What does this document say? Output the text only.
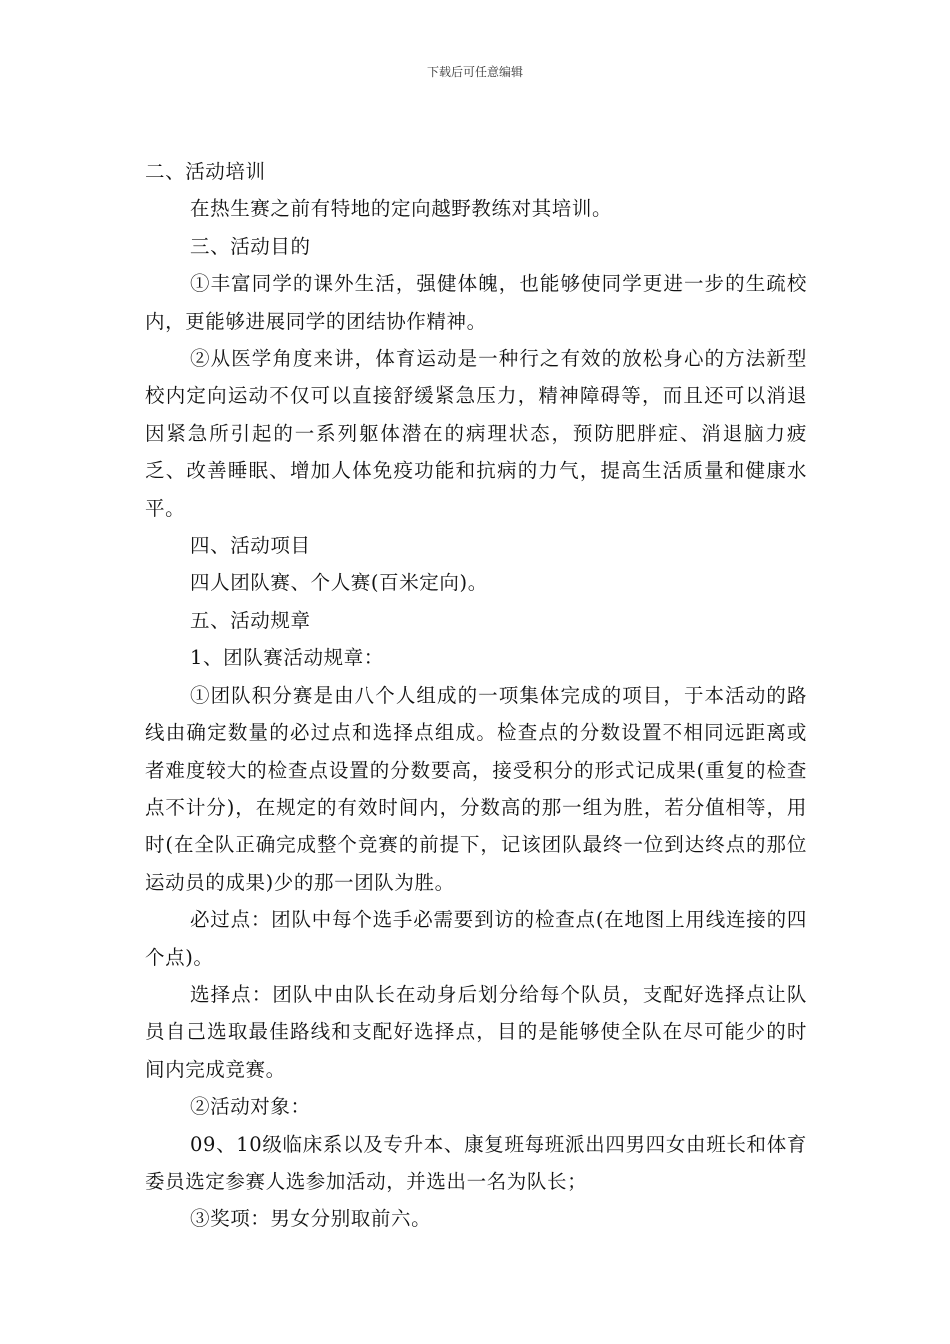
下载后可任意编辑

二、活动培训

在热生赛之前有特地的定向越野教练对其培训。

三、活动目的

①丰富同学的课外生活，强健体魄，也能够使同学更进一步的生疏校内，更能够进展同学的团结协作精神。

②从医学角度来讲，体育运动是一种行之有效的放松身心的方法新型校内定向运动不仅可以直接舒缓紧急压力，精神障碍等，而且还可以消退因紧急所引起的一系列躯体潜在的病理状态，预防肥胖症、消退脑力疲乏、改善睡眠、增加人体免疫功能和抗病的力气，提高生活质量和健康水平。

四、活动项目

四人团队赛、个人赛(百米定向)。

五、活动规章

1、团队赛活动规章：

①团队积分赛是由八个人组成的一项集体完成的项目，于本活动的路线由确定数量的必过点和选择点组成。检查点的分数设置不相同远距离或者难度较大的检查点设置的分数要高，接受积分的形式记成果(重复的检查点不计分)，在规定的有效时间内，分数高的那一组为胜，若分值相等，用时(在全队正确完成整个竞赛的前提下，记该团队最终一位到达终点的那位运动员的成果)少的那一团队为胜。

必过点：团队中每个选手必需要到访的检查点(在地图上用线连接的四个点)。

选择点：团队中由队长在动身后划分给每个队员，支配好选择点让队员自己选取最佳路线和支配好选择点，目的是能够使全队在尽可能少的时间内完成竞赛。

②活动对象：

09、10级临床系以及专升本、康复班每班派出四男四女由班长和体育委员选定参赛人选参加活动，并选出一名为队长；

③奖项：男女分别取前六。
